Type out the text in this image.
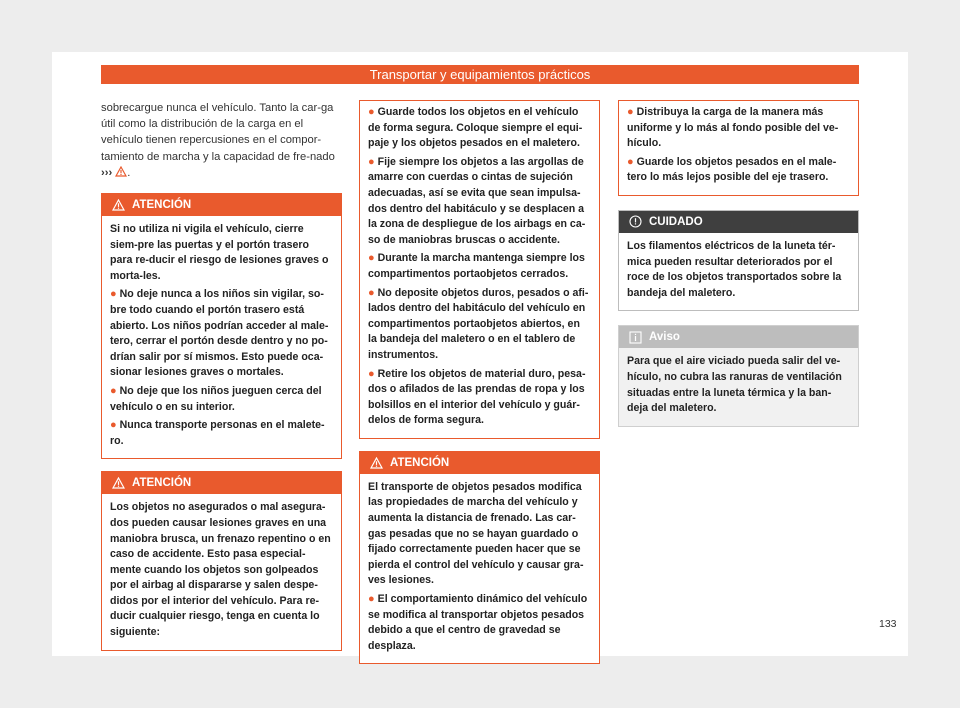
Transportar y equipamientos prácticos

sobrecargue nunca el vehículo. Tanto la car-ga útil como la distribución de la carga en el vehículo tienen repercusiones en el compor-tamiento de marcha y la capacidad de fre-nado ››› .

ATENCIÓN

Si no utiliza ni vigila el vehículo, cierre siem-pre las puertas y el portón trasero para re-ducir el riesgo de lesiones graves o morta-les.

● No deje nunca a los niños sin vigilar, so-bre todo cuando el portón trasero está abierto. Los niños podrían acceder al male-tero, cerrar el portón desde dentro y no po-drían salir por sí mismos. Esto puede oca-sionar lesiones graves o mortales.

● No deje que los niños jueguen cerca del vehículo o en su interior.

● Nunca transporte personas en el malete-ro.

ATENCIÓN

Los objetos no asegurados o mal asegura-dos pueden causar lesiones graves en una maniobra brusca, un frenazo repentino o en caso de accidente. Esto pasa especial-mente cuando los objetos son golpeados por el airbag al dispararse y salen despe-didos por el interior del vehículo. Para re-ducir cualquier riesgo, tenga en cuenta lo siguiente:

● Guarde todos los objetos en el vehículo de forma segura. Coloque siempre el equi-paje y los objetos pesados en el maletero.

● Fije siempre los objetos a las argollas de amarre con cuerdas o cintas de sujeción adecuadas, así se evita que sean impulsa-dos dentro del habitáculo y se desplacen a la zona de despliegue de los airbags en ca-so de maniobras bruscas o accidente.

● Durante la marcha mantenga siempre los compartimentos portaobjetos cerrados.

● No deposite objetos duros, pesados o afi-lados dentro del habitáculo del vehículo en compartimentos portaobjetos abiertos, en la bandeja del maletero o en el tablero de instrumentos.

● Retire los objetos de material duro, pesa-dos o afilados de las prendas de ropa y los bolsillos en el interior del vehículo y guár-delos de forma segura.

ATENCIÓN

El transporte de objetos pesados modifica las propiedades de marcha del vehículo y aumenta la distancia de frenado. Las car-gas pesadas que no se hayan guardado o fijado correctamente pueden hacer que se pierda el control del vehículo y causar gra-ves lesiones.

● El comportamiento dinámico del vehículo se modifica al transportar objetos pesados debido a que el centro de gravedad se desplaza.

● Distribuya la carga de la manera más uniforme y lo más al fondo posible del ve-hículo.

● Guarde los objetos pesados en el male-tero lo más lejos posible del eje trasero.

CUIDADO

Los filamentos eléctricos de la luneta tér-mica pueden resultar deteriorados por el roce de los objetos transportados sobre la bandeja del maletero.

Aviso

Para que el aire viciado pueda salir del ve-hículo, no cubra las ranuras de ventilación situadas entre la luneta térmica y la ban-deja del maletero.

133
